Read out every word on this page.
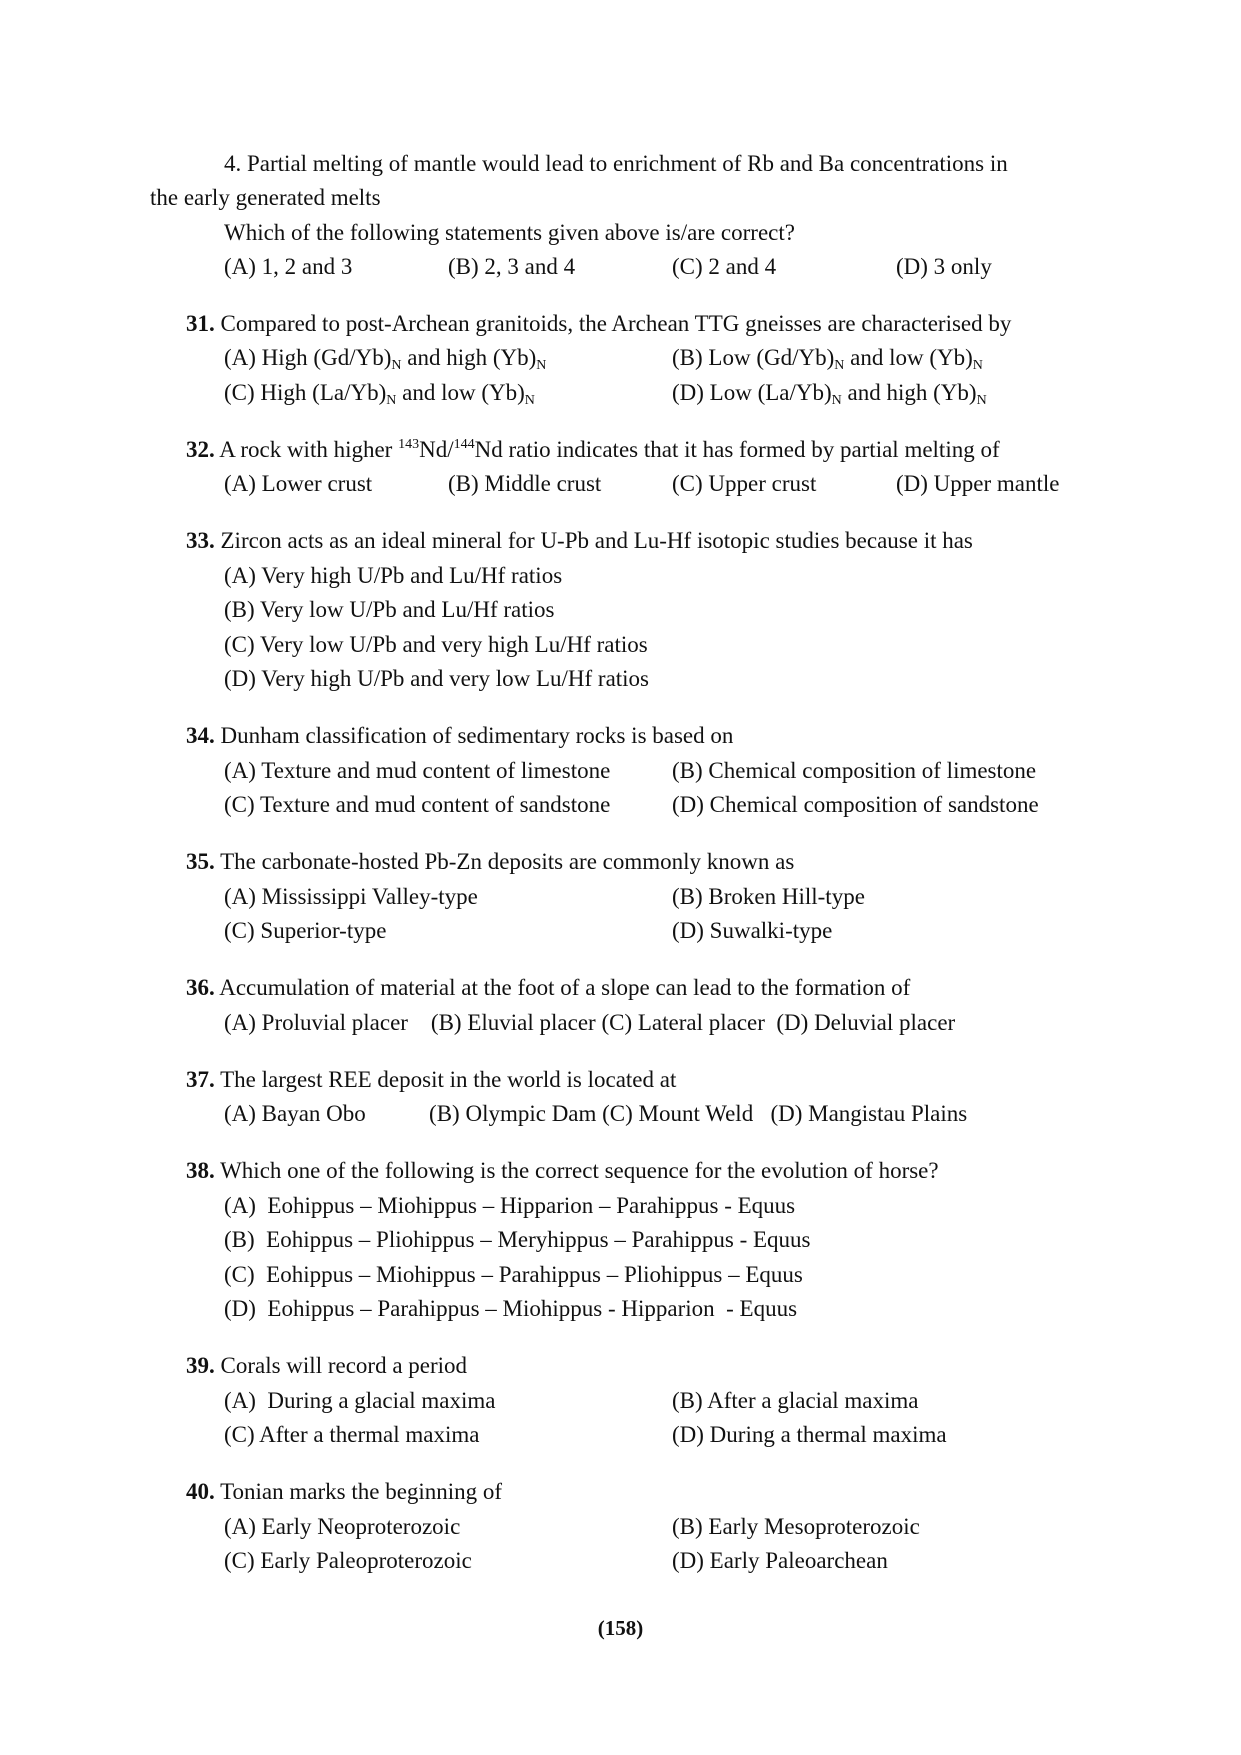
4. Partial melting of mantle would lead to enrichment of Rb and Ba concentrations in
the early generated melts
Which of the following statements given above is/are correct?
(A) 1, 2 and 3	(B) 2, 3 and 4	(C) 2 and 4	(D) 3 only
31. Compared to post-Archean granitoids, the Archean TTG gneisses are characterised by
(A) High $(Gd/Yb)_N$ and high $(Yb)_N$	(B) Low $(Gd/Yb)_N$ and low $(Yb)_N$
(C) High $(La/Yb)_N$ and low $(Yb)_N$	(D) Low $(La/Yb)_N$ and high $(Yb)_N$
32. A rock with higher $^{143}$Nd/$^{144}$Nd ratio indicates that it has formed by partial melting of
(A) Lower crust	(B) Middle crust	(C) Upper crust	(D) Upper mantle
33. Zircon acts as an ideal mineral for U-Pb and Lu-Hf isotopic studies because it has
(A) Very high U/Pb and Lu/Hf ratios
(B) Very low U/Pb and Lu/Hf ratios
(C) Very low U/Pb and very high Lu/Hf ratios
(D) Very high U/Pb and very low Lu/Hf ratios
34. Dunham classification of sedimentary rocks is based on
(A) Texture and mud content of limestone	(B) Chemical composition of limestone
(C) Texture and mud content of sandstone	(D) Chemical composition of sandstone
35. The carbonate-hosted Pb-Zn deposits are commonly known as
(A) Mississippi Valley-type	(B) Broken Hill-type
(C) Superior-type	(D) Suwalki-type
36. Accumulation of material at the foot of a slope can lead to the formation of
(A) Proluvial placer    (B) Eluvial placer (C) Lateral placer  (D) Deluvial placer
37. The largest REE deposit in the world is located at
(A) Bayan Obo           (B) Olympic Dam (C) Mount Weld   (D) Mangistau Plains
38. Which one of the following is the correct sequence for the evolution of horse?
(A)  Eohippus – Miohippus – Hipparion – Parahippus - Equus
(B)  Eohippus – Pliohippus – Meryhippus – Parahippus - Equus
(C)  Eohippus – Miohippus – Parahippus – Pliohippus – Equus
(D)  Eohippus – Parahippus – Miohippus - Hipparion  - Equus
39. Corals will record a period
(A)  During a glacial maxima	(B) After a glacial maxima
(C) After a thermal maxima	(D) During a thermal maxima
40. Tonian marks the beginning of
(A) Early Neoproterozoic	(B) Early Mesoproterozoic
(C) Early Paleoproterozoic	(D) Early Paleoarchean
(158)
